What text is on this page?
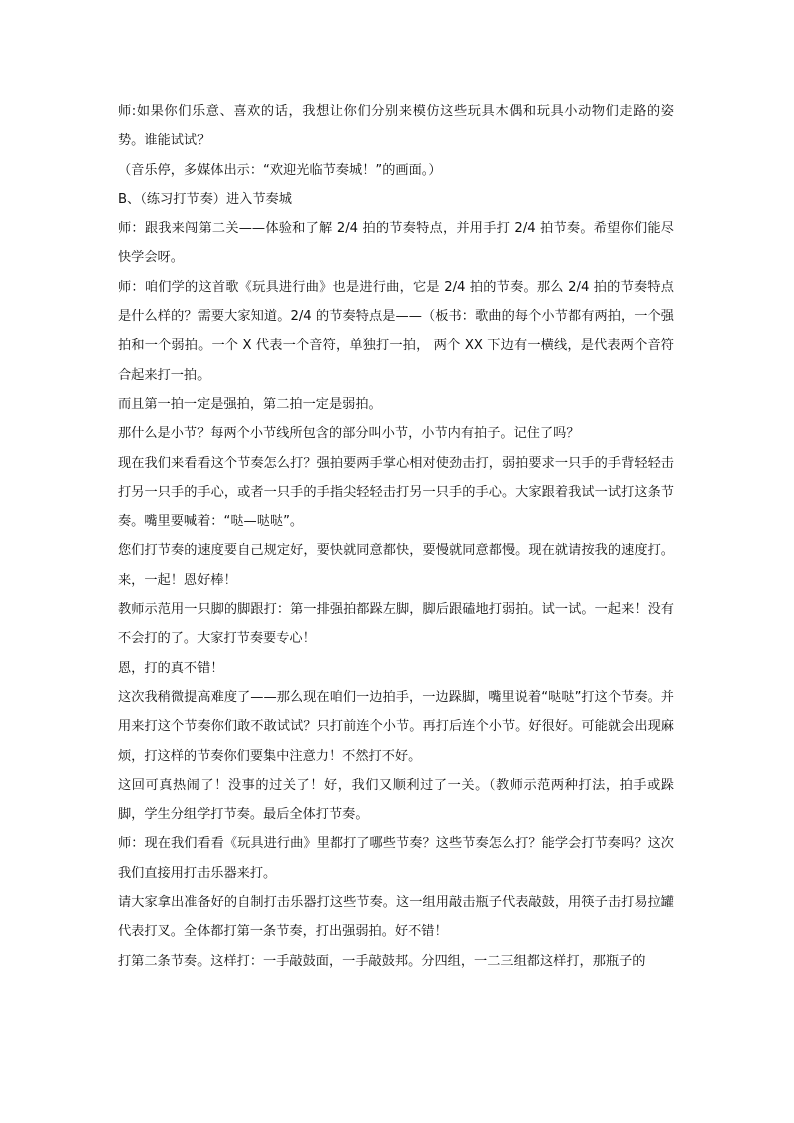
师:如果你们乐意、喜欢的话，我想让你们分别来模仿这些玩具木偶和玩具小动物们走路的姿势。谁能试试？

（音乐停，多媒体出示：“欢迎光临节奏城！”的画面。）

B、（练习打节奏）进入节奏城

师：跟我来闯第二关——体验和了解 2/4 拍的节奏特点，并用手打 2/4 拍节奏。希望你们能尽快学会呀。

师：咱们学的这首歌《玩具进行曲》也是进行曲，它是 2/4 拍的节奏。那么 2/4 拍的节奏特点是什么样的？需要大家知道。2/4 的节奏特点是——（板书：歌曲的每个小节都有两拍，一个强拍和一个弱拍。一个 X 代表一个音符，单独打一拍， 两个 XX 下边有一横线，是代表两个音符合起来打一拍。

而且第一拍一定是强拍，第二拍一定是弱拍。

那什么是小节？每两个小节线所包含的部分叫小节，小节内有拍子。记住了吗？

现在我们来看看这个节奏怎么打？强拍要两手掌心相对使劲击打，弱拍要求一只手的手背轻轻击打另一只手的手心，或者一只手的手指尖轻轻击打另一只手的手心。大家跟着我试一试打这条节奏。嘴里要喊着：“哒—哒哒”。

您们打节奏的速度要自己规定好，要快就同意都快，要慢就同意都慢。现在就请按我的速度打。来，一起！恩好棒！

教师示范用一只脚的脚跟打：第一排强拍都跺左脚，脚后跟磕地打弱拍。试一试。一起来！没有不会打的了。大家打节奏要专心！

恩，打的真不错！

这次我稍微提高难度了——那么现在咱们一边拍手，一边跺脚，嘴里说着“哒哒”打这个节奏。并用来打这个节奏你们敢不敢试试？只打前连个小节。再打后连个小节。好很好。可能就会出现麻烦，打这样的节奏你们要集中注意力！不然打不好。

这回可真热闹了！没事的过关了！好，我们又顺利过了一关。（教师示范两种打法，拍手或跺脚，学生分组学打节奏。最后全体打节奏。

师：现在我们看看《玩具进行曲》里都打了哪些节奏？这些节奏怎么打？能学会打节奏吗？这次我们直接用打击乐器来打。

请大家拿出准备好的自制打击乐器打这些节奏。这一组用敲击瓶子代表敲鼓，用筷子击打易拉罐代表打叉。全体都打第一条节奏，打出强弱拍。好不错！

打第二条节奏。这样打：一手敲鼓面，一手敲鼓邦。分四组，一二三组都这样打，那瓶子的
